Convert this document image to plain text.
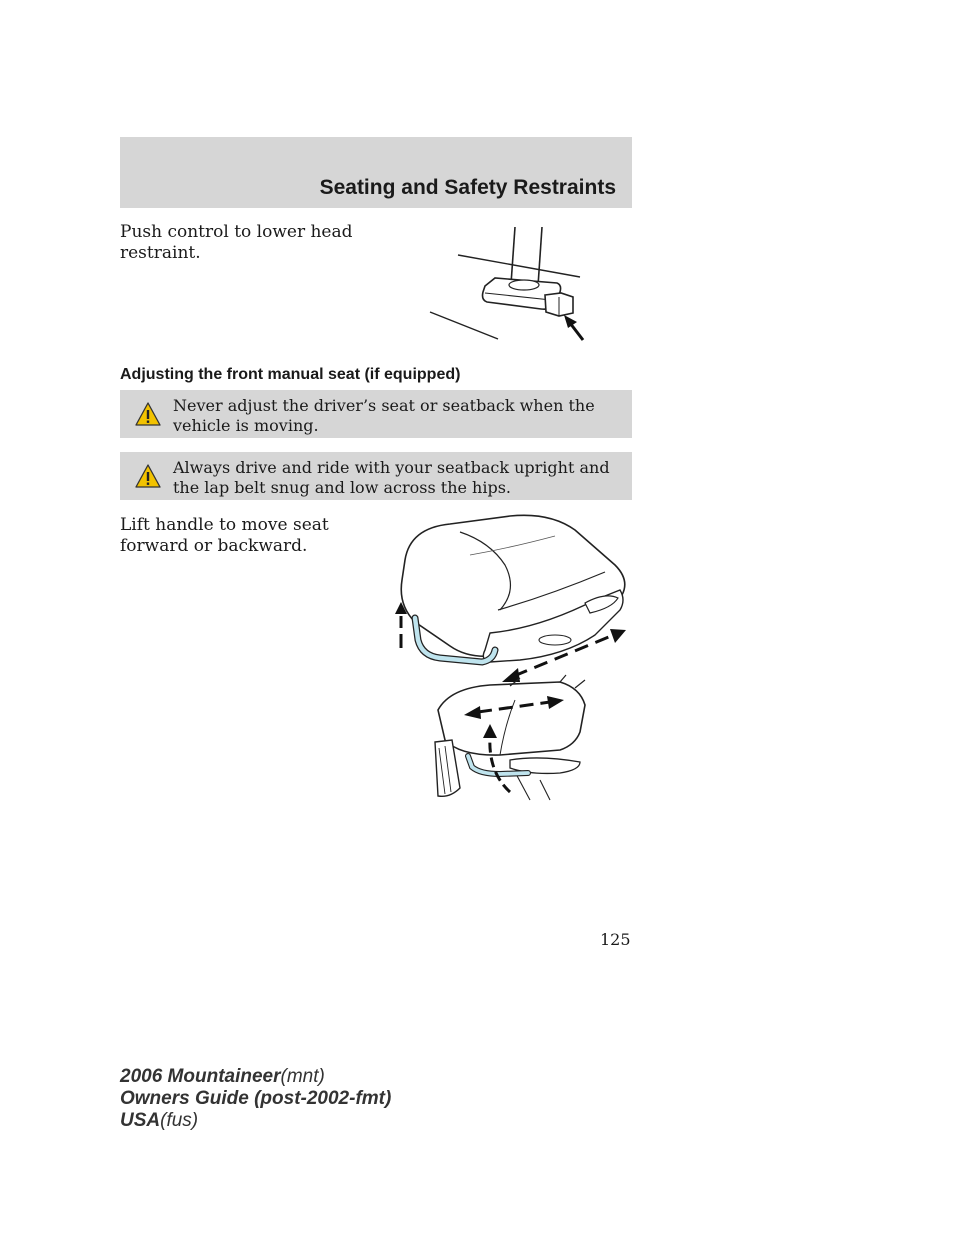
Seating and Safety Restraints

Push control to lower head restraint.

Adjusting the front manual seat (if equipped)
Never adjust the driver’s seat or seatback when the vehicle is moving.
Always drive and ride with your seatback upright and the lap belt snug and low across the hips.

Lift handle to move seat forward or backward.

125
2006 Mountaineer(mnt)
Owners Guide (post-2002-fmt)
USA(fus)
